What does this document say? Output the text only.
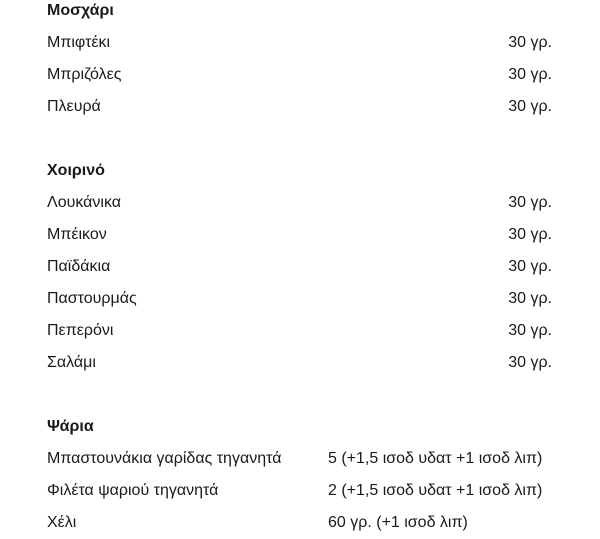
Μοσχάρι
Μπιφτέκι	30 γρ.
Μπριζόλες	30 γρ.
Πλευρά	30 γρ.
Χοιρινό
Λουκάνικα	30 γρ.
Μπέικον	30 γρ.
Παϊδάκια	30 γρ.
Παστουρμάς	30 γρ.
Πεπερόνι	30 γρ.
Σαλάμι	30 γρ.
Ψάρια
Μπαστουνάκια γαρίδας τηγανητά	5 (+1,5 ισοδ υδατ +1 ισοδ λιπ)
Φιλέτα ψαριού τηγανητά	2 (+1,5 ισοδ υδατ +1 ισοδ λιπ)
Χέλι	60 γρ. (+1 ισοδ λιπ)
